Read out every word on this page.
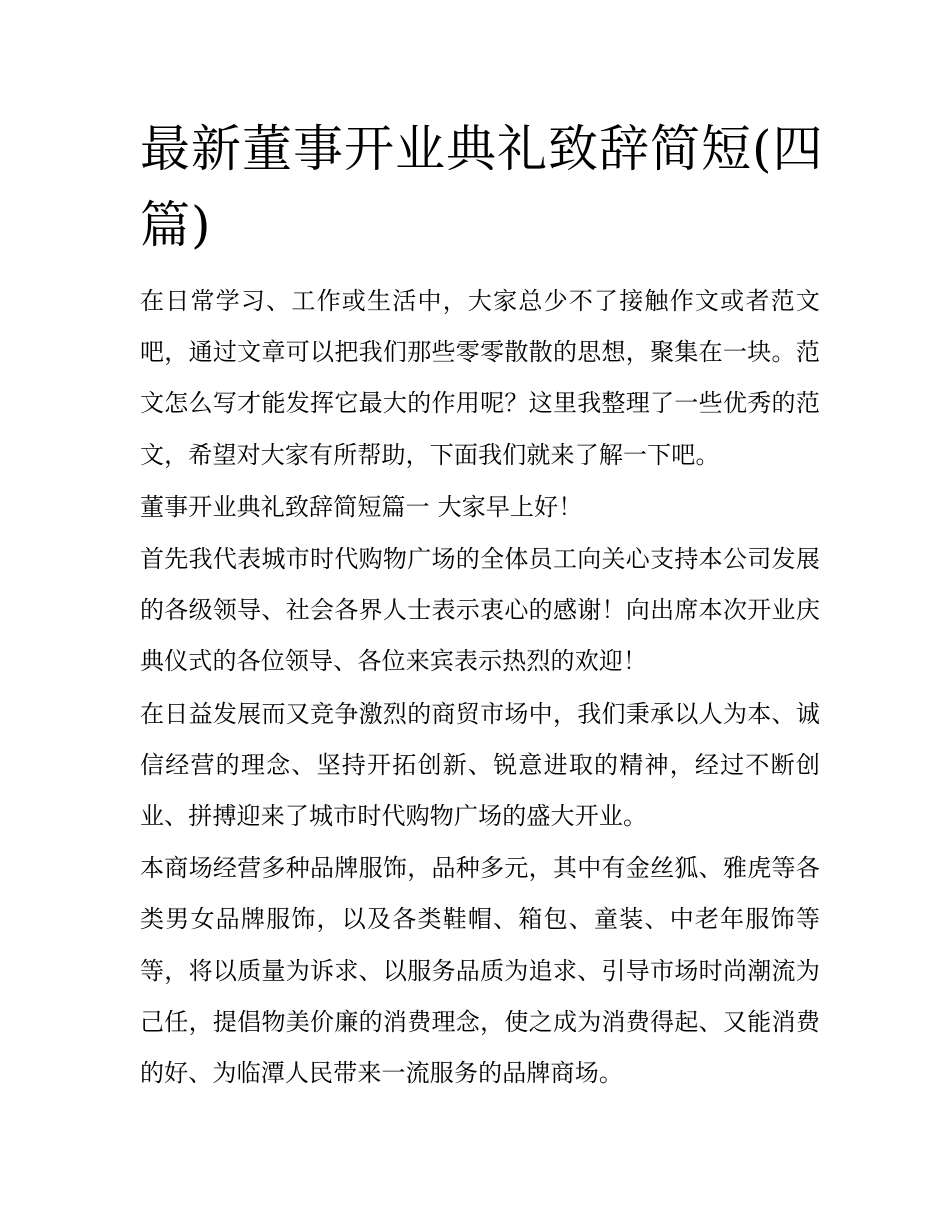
最新董事开业典礼致辞简短(四篇)

在日常学习、工作或生活中，大家总少不了接触作文或者范文吧，通过文章可以把我们那些零零散散的思想，聚集在一块。范文怎么写才能发挥它最大的作用呢？这里我整理了一些优秀的范文，希望对大家有所帮助，下面我们就来了解一下吧。

董事开业典礼致辞简短篇一 大家早上好！

首先我代表城市时代购物广场的全体员工向关心支持本公司发展的各级领导、社会各界人士表示衷心的感谢！向出席本次开业庆典仪式的各位领导、各位来宾表示热烈的欢迎！

在日益发展而又竞争激烈的商贸市场中，我们秉承以人为本、诚信经营的理念、坚持开拓创新、锐意进取的精神，经过不断创业、拼搏迎来了城市时代购物广场的盛大开业。

本商场经营多种品牌服饰，品种多元，其中有金丝狐、雅虎等各类男女品牌服饰，以及各类鞋帽、箱包、童装、中老年服饰等等，将以质量为诉求、以服务品质为追求、引导市场时尚潮流为己任，提倡物美价廉的消费理念，使之成为消费得起、又能消费的好、为临潭人民带来一流服务的品牌商场。
